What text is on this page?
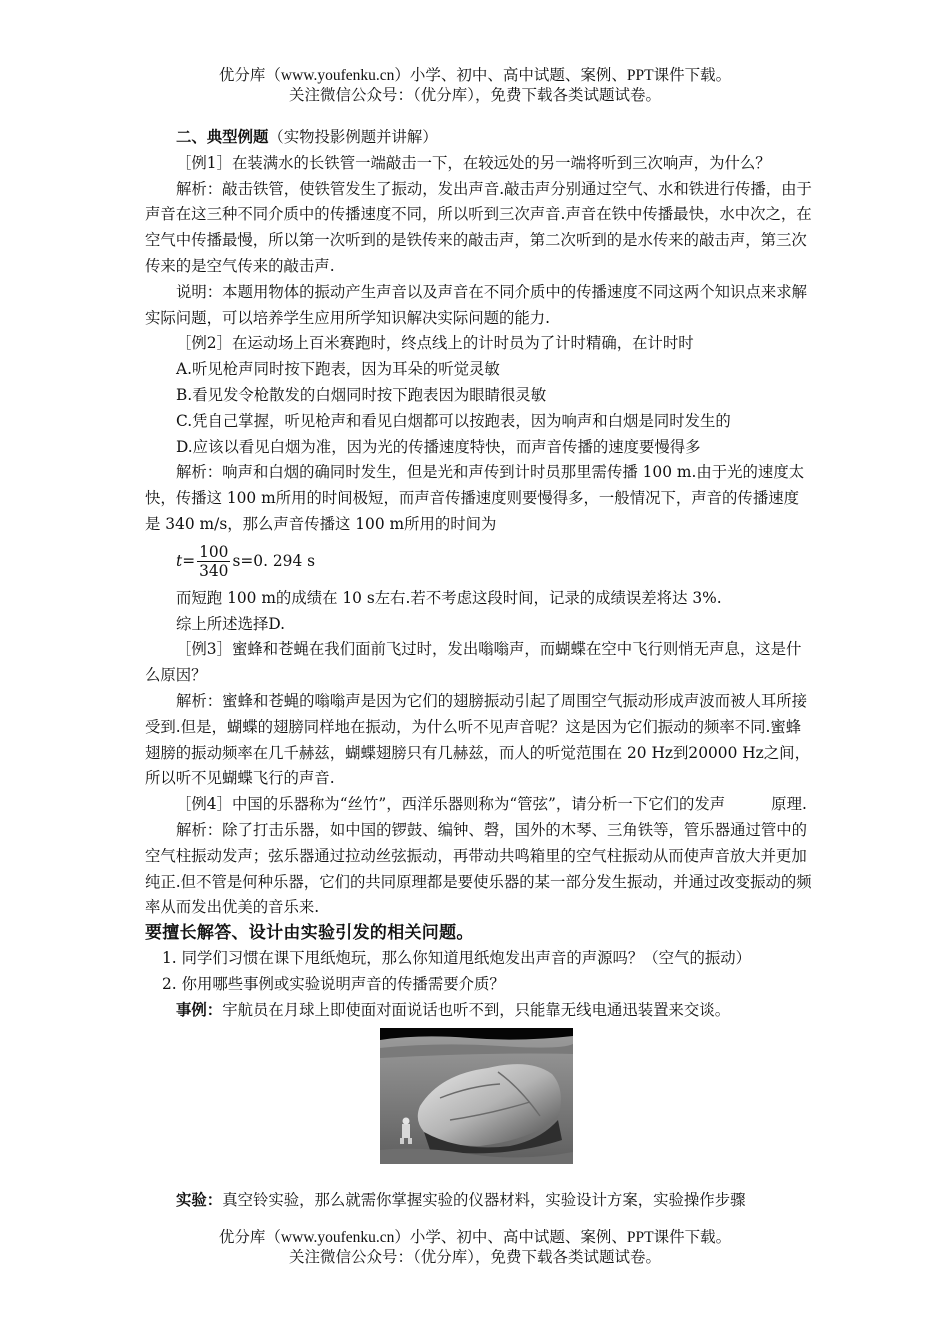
优分库（www.youfenku.cn）小学、初中、高中试题、案例、PPT课件下载。
关注微信公众号：（优分库），免费下载各类试题试卷。

二、典型例题（实物投影例题并讲解）

［例1］在装满水的长铁管一端敲击一下，在较远处的另一端将听到三次响声，为什么？

解析：敲击铁管，使铁管发生了振动，发出声音.敲击声分别通过空气、水和铁进行传播，由于声音在这三种不同介质中的传播速度不同，所以听到三次声音.声音在铁中传播最快，水中次之，在空气中传播最慢，所以第一次听到的是铁传来的敲击声，第二次听到的是水传来的敲击声，第三次传来的是空气传来的敲击声.

说明：本题用物体的振动产生声音以及声音在不同介质中的传播速度不同这两个知识点来求解实际问题，可以培养学生应用所学知识解决实际问题的能力.

［例2］在运动场上百米赛跑时，终点线上的计时员为了计时精确，在计时时

A.听见枪声同时按下跑表，因为耳朵的听觉灵敏

B.看见发令枪散发的白烟同时按下跑表因为眼睛很灵敏

C.凭自己掌握，听见枪声和看见白烟都可以按跑表，因为响声和白烟是同时发生的

D.应该以看见白烟为准，因为光的传播速度特快，而声音传播的速度要慢得多

解析：响声和白烟的确同时发生，但是光和声传到计时员那里需传播 100 m.由于光的速度太快，传播这 100 m所用的时间极短，而声音传播速度则要慢得多，一般情况下，声音的传播速度是 340 m/s，那么声音传播这 100 m所用的时间为

$t = \frac{100}{340} s=0$. 294 s

而短跑 100 m的成绩在 10 s左右.若不考虑这段时间，记录的成绩误差将达 3%.

综上所述选择D.

［例3］蜜蜂和苍蝇在我们面前飞过时，发出嗡嗡声，而蝴蝶在空中飞行则悄无声息，这是什么原因？

解析：蜜蜂和苍蝇的嗡嗡声是因为它们的翅膀振动引起了周围空气振动形成声波而被人耳所接受到.但是，蝴蝶的翅膀同样地在振动，为什么听不见声音呢？这是因为它们振动的频率不同.蜜蜂翅膀的振动频率在几千赫兹，蝴蝶翅膀只有几赫兹，而人的听觉范围在 20 Hz到20000 Hz之间，所以听不见蝴蝶飞行的声音.

［例4］中国的乐器称为“丝竹”，西洋乐器则称为“管弦”，请分析一下它们的发声	原理.

解析：除了打击乐器，如中国的锣鼓、编钟、磬，国外的木琴、三角铁等，管乐器通过管中的空气柱振动发声；弦乐器通过拉动丝弦振动，再带动共鸣箱里的空气柱振动从而使声音放大并更加纯正.但不管是何种乐器，它们的共同原理都是要使乐器的某一部分发生振动，并通过改变振动的频率从而发出优美的音乐来.

要擅长解答、设计由实验引发的相关问题。

1. 同学们习惯在课下甩纸炮玩，那么你知道甩纸炮发出声音的声源吗？（空气的振动）

2. 你用哪些事例或实验说明声音的传播需要介质？

事例：宇航员在月球上即使面对面说话也听不到，只能靠无线电通迅装置来交谈。

实验：真空铃实验，那么就需你掌握实验的仪器材料，实验设计方案，实验操作步骤

优分库（www.youfenku.cn）小学、初中、高中试题、案例、PPT课件下载。
关注微信公众号：（优分库），免费下载各类试题试卷。
